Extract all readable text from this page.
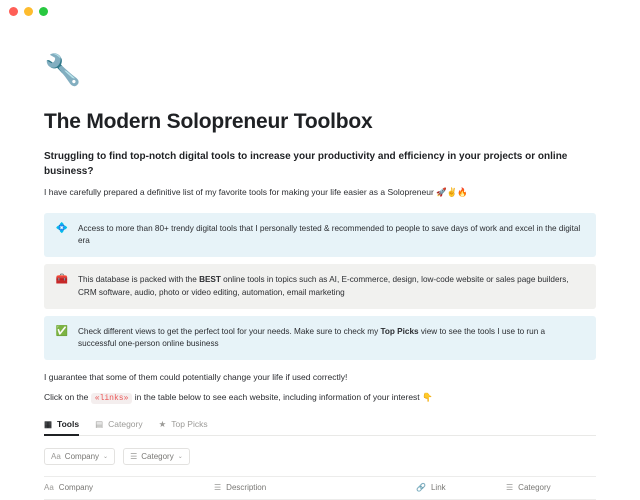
🔧
The Modern Solopreneur Toolbox
Struggling to find top-notch digital tools to increase your productivity and efficiency in your projects or online business?
I have carefully prepared a definitive list of my favorite tools for making your life easier as a Solopreneur 🚀✌🔥
💠 Access to more than 80+ trendy digital tools that I personally tested & recommended to people to save days of work and excel in the digital era
🧰 This database is packed with the BEST online tools in topics such as AI, E-commerce, design, low-code website or sales page builders, CRM software, audio, photo or video editing, automation, email marketing
✅ Check different views to get the perfect tool for your needs. Make sure to check my Top Picks view to see the tools I use to run a successful one-person online business
I guarantee that some of them could potentially change your life if used correctly!
Click on the «links» in the table below to see each website, including information of your interest 👇
▦ Tools ▤ Category ★ Top Picks
Aa Company ⌄	☰ Category ⌄
Aa Company	☰ Description	🔗 Link	☰ Category
